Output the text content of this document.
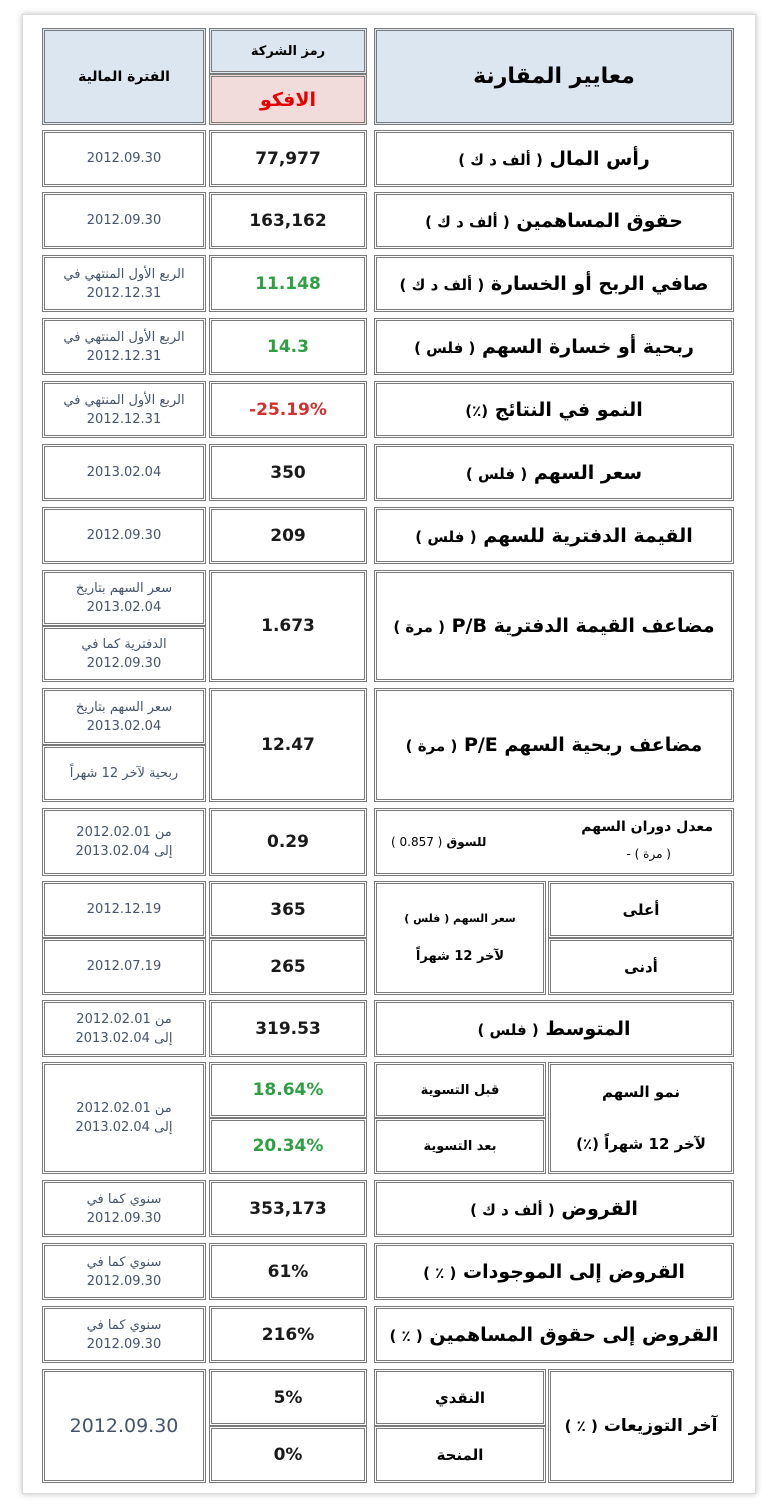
معايير المقارنة
رمز الشركة
الافكو
الفترة المالية
رأس المال ( ألف د ك )
77,977
2012.09.30
حقوق المساهمين ( ألف د ك )
163,162
2012.09.30
صافي الربح أو الخسارة ( ألف د ك )
11.148
الربع الأول المنتهي في
2012.12.31
ربحية أو خسارة السهم ( فلس )
14.3
الربع الأول المنتهي في
2012.12.31
النمو في النتائج (٪)
-25.19%
الربع الأول المنتهي في
2012.12.31
سعر السهم ( فلس )
350
2013.02.04
القيمة الدفترية للسهم ( فلس )
209
2012.09.30
مضاعف القيمة الدفترية P/B ( مرة )
1.673
سعر السهم بتاريخ
2013.02.04
الدفترية كما في
2012.09.30
مضاعف ربحية السهم P/E ( مرة )
12.47
سعر السهم بتاريخ
2013.02.04
ربحية لآخر 12 شهراً
معدل دوران السهم
( مرة ) -
للسوق ( 0.857 )
0.29
من 2012.02.01
إلى 2013.02.04
أعلى
أدنى
سعر السهم ( فلس )
لآخر 12 شهراً
365
265
2012.12.19
2012.07.19
المتوسط ( فلس )
319.53
من 2012.02.01
إلى 2013.02.04
نمو السهم
لآخر 12 شهراً (٪)
قبل التسوية
بعد التسوية
18.64%
20.34%
من 2012.02.01
إلى 2013.02.04
القروض ( ألف د ك )
353,173
سنوي كما في
2012.09.30
القروض إلى الموجودات ( ٪ )
61%
سنوي كما في
2012.09.30
القروض إلى حقوق المساهمين ( ٪ )
216%
سنوي كما في
2012.09.30
آخر التوزيعات ( ٪ )
النقدي
المنحة
5%
0%
2012.09.30
